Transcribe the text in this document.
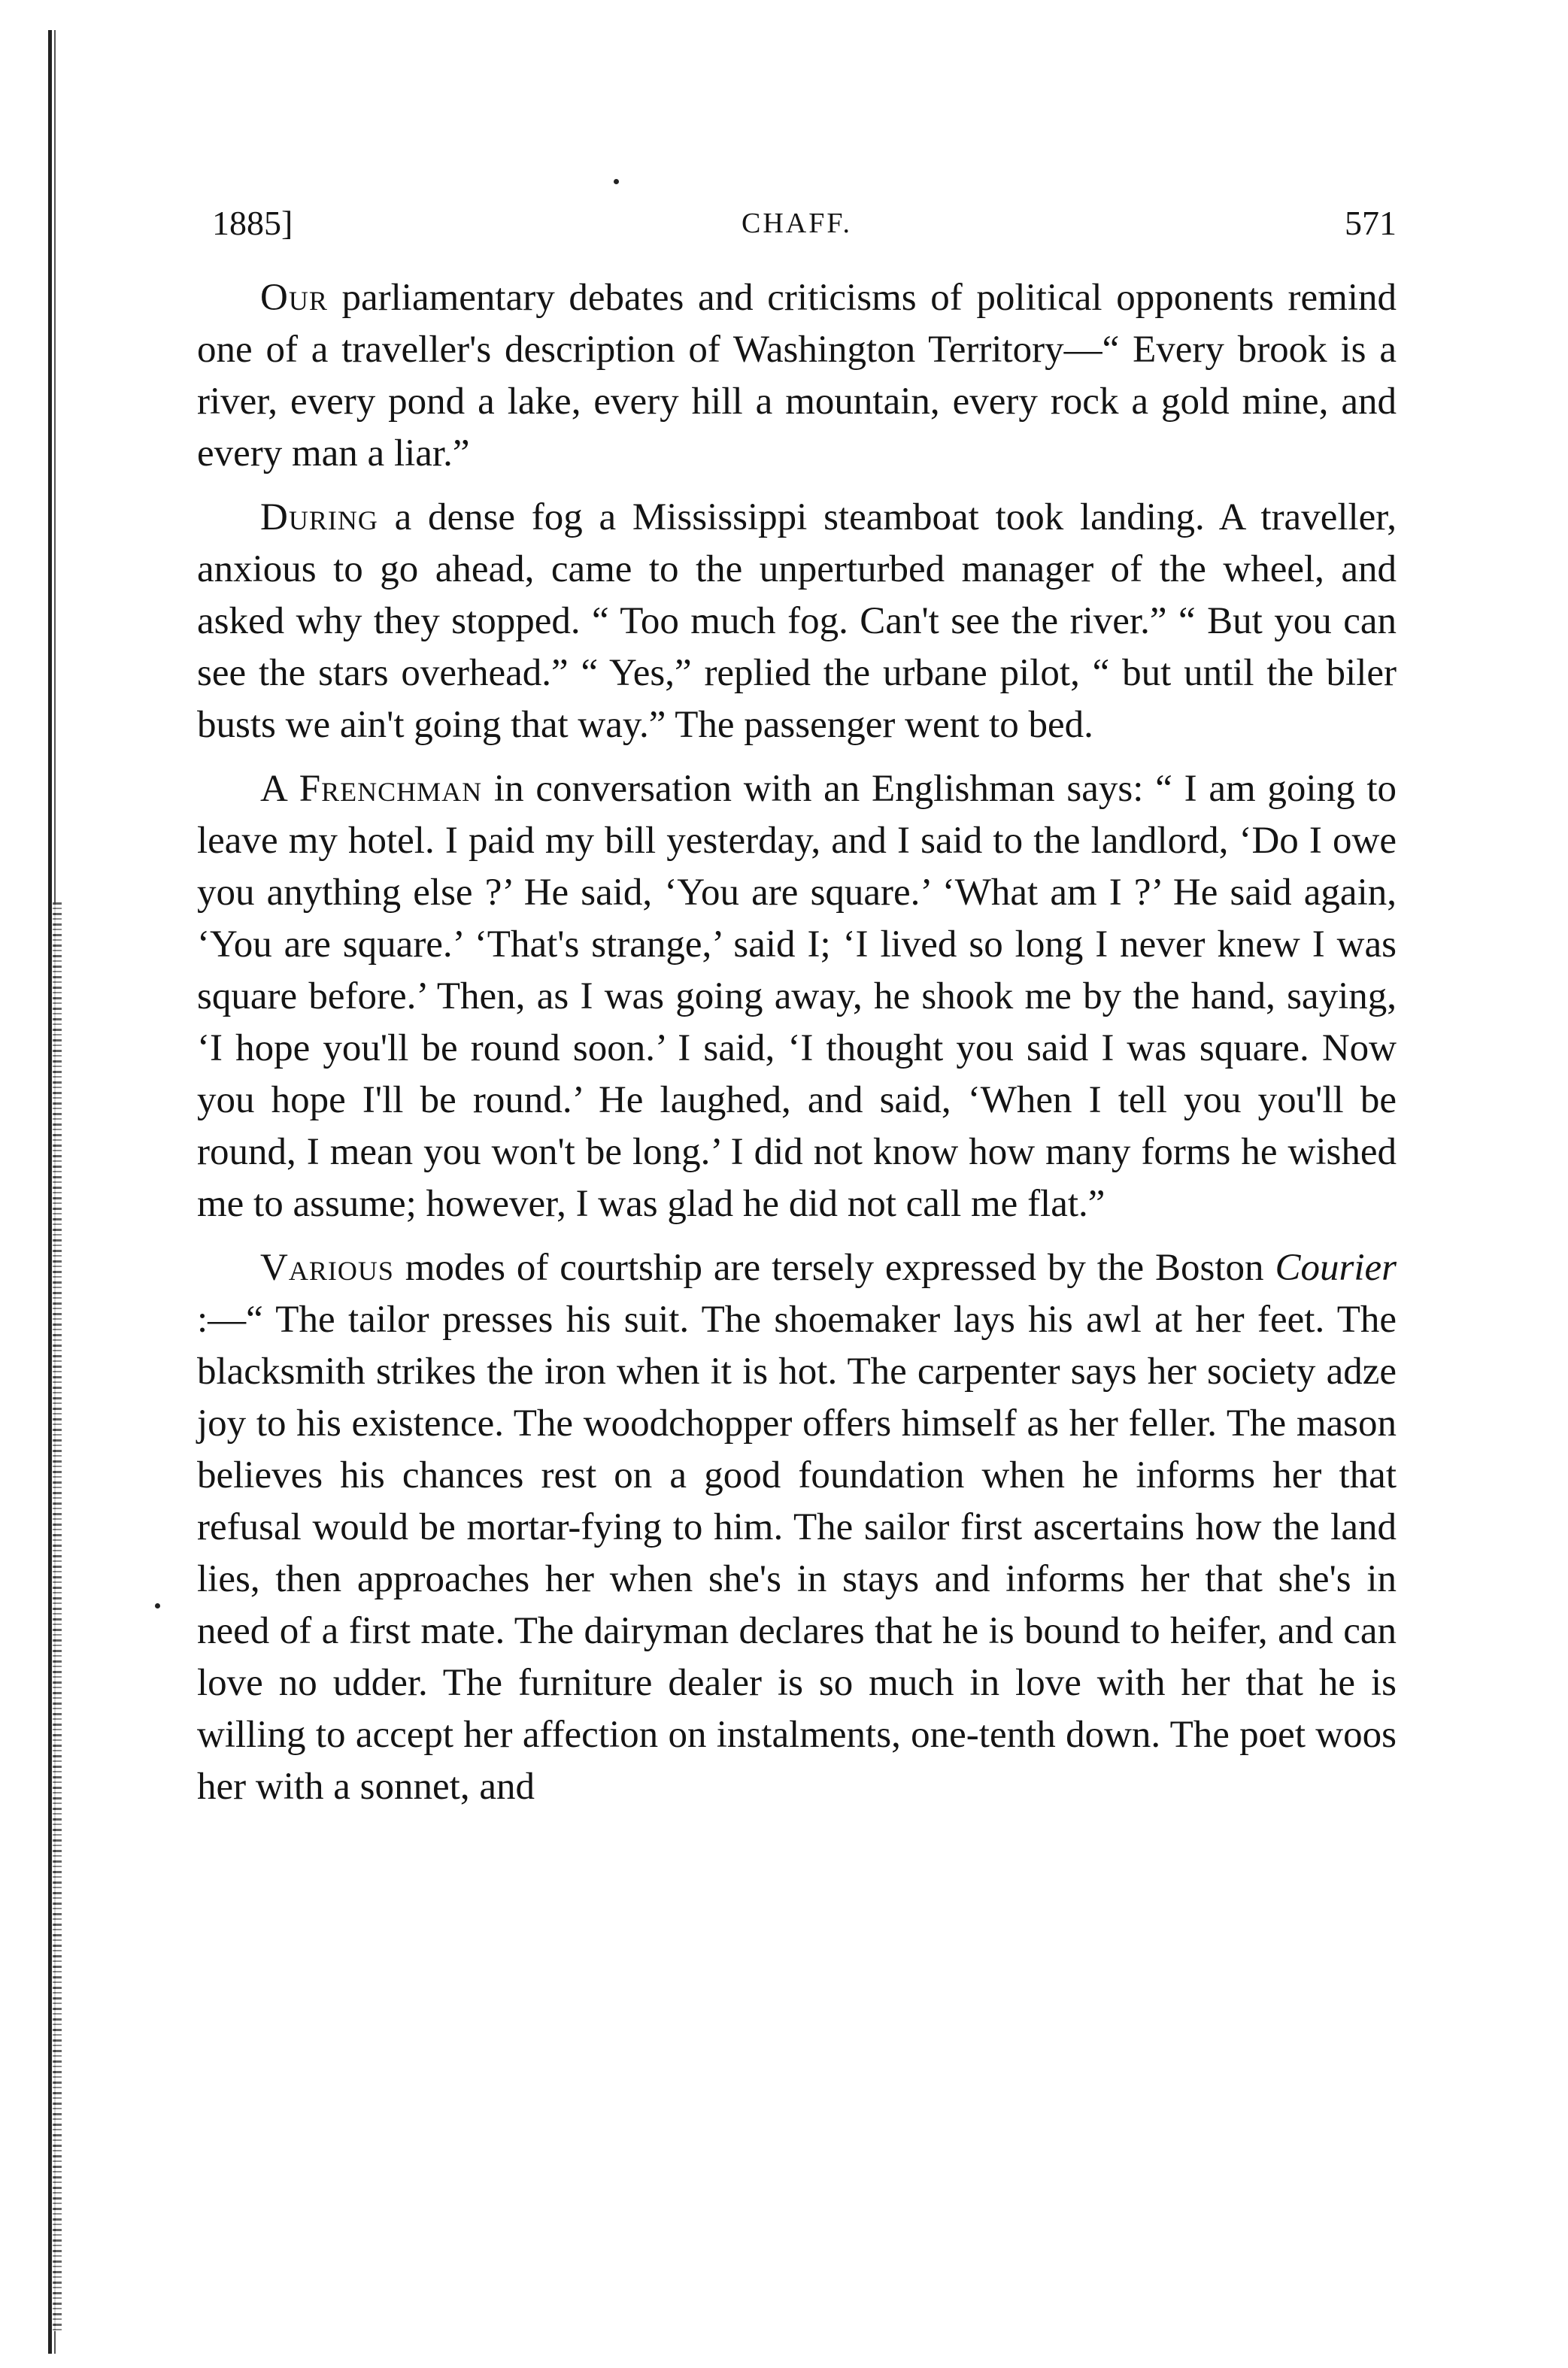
1885]	CHAFF.	571

Our parliamentary debates and criticisms of political opponents remind one of a traveller's description of Washington Territory—“ Every brook is a river, every pond a lake, every hill a mountain, every rock a gold mine, and every man a liar.”

During a dense fog a Mississippi steamboat took landing. A traveller, anxious to go ahead, came to the unperturbed manager of the wheel, and asked why they stopped. “ Too much fog. Can't see the river.” “ But you can see the stars overhead.” “ Yes,” replied the urbane pilot, “ but until the biler busts we ain't going that way.” The passenger went to bed.

A Frenchman in conversation with an Englishman says: “ I am going to leave my hotel. I paid my bill yesterday, and I said to the landlord, ‘Do I owe you anything else ?’ He said, ‘You are square.’ ‘What am I ?’ He said again, ‘You are square.’ ‘That's strange,’ said I; ‘I lived so long I never knew I was square before.’ Then, as I was going away, he shook me by the hand, saying, ‘I hope you'll be round soon.’ I said, ‘I thought you said I was square. Now you hope I'll be round.’ He laughed, and said, ‘When I tell you you'll be round, I mean you won't be long.’ I did not know how many forms he wished me to assume; however, I was glad he did not call me flat.”

Various modes of courtship are tersely expressed by the Boston Courier :—“ The tailor presses his suit. The shoemaker lays his awl at her feet. The blacksmith strikes the iron when it is hot. The carpenter says her society adze joy to his existence. The woodchopper offers himself as her feller. The mason believes his chances rest on a good foundation when he informs her that refusal would be mortar-fying to him. The sailor first ascertains how the land lies, then approaches her when she's in stays and informs her that she's in need of a first mate. The dairyman declares that he is bound to heifer, and can love no udder. The furniture dealer is so much in love with her that he is willing to accept her affection on instalments, one-tenth down. The poet woos her with a sonnet, and
